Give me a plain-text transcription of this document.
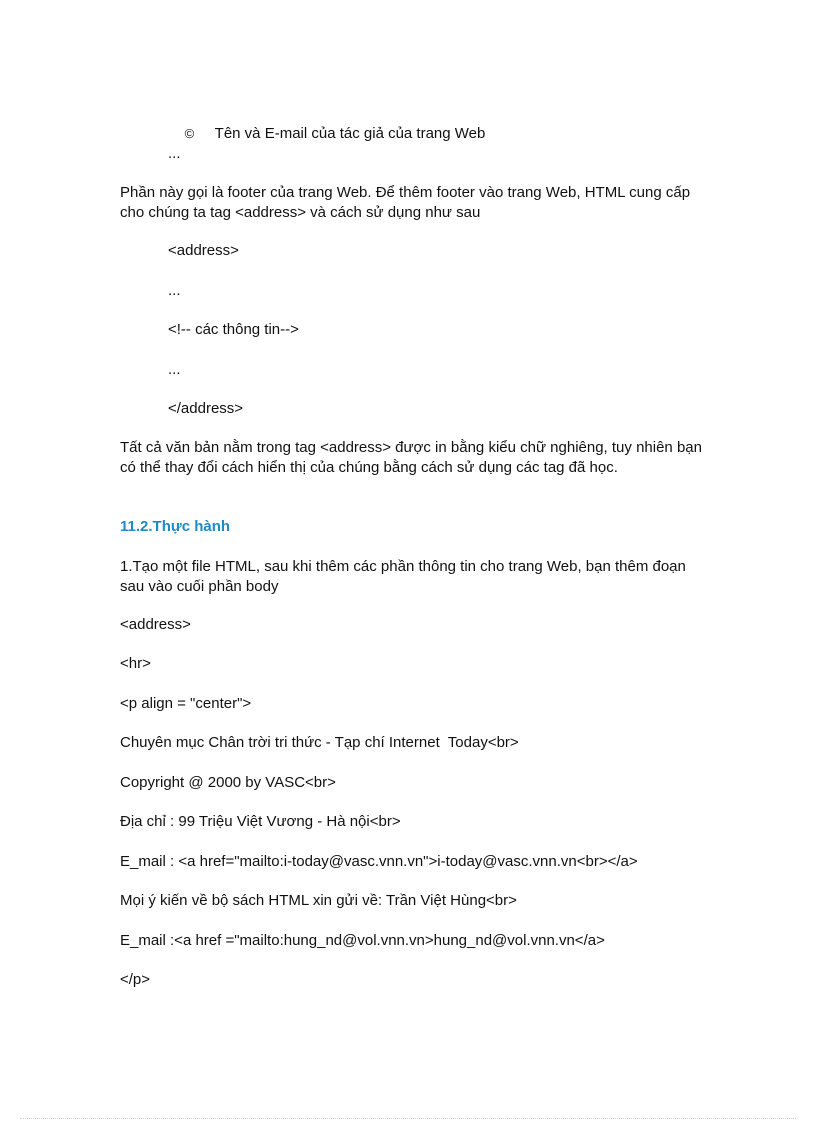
© Tên và E-mail của tác giả của trang Web

...
Phần này gọi là footer của trang Web. Để thêm footer vào trang Web, HTML cung cấp cho chúng ta tag <address> và cách sử dụng như sau
<address>
...
<!-- các thông tin-->
...
</address>
Tất cả văn bản nằm trong tag <address> được in bằng kiểu chữ nghiêng, tuy nhiên bạn có thể thay đổi cách hiển thị của chúng bằng cách sử dụng các tag đã học.
11.2.Thực hành
1.Tạo một file HTML, sau khi thêm các phần thông tin cho trang Web, bạn thêm đoạn sau vào cuối phần body
<address>
<hr>
<p align = "center">
Chuyên mục Chân trời tri thức - Tạp chí Internet  Today<br>
Copyright @ 2000 by VASC<br>
Địa chỉ : 99 Triệu Việt Vương - Hà nội<br>
E_mail : <a href="mailto:i-today@vasc.vnn.vn">i-today@vasc.vnn.vn<br></a>
Mọi ý kiến về bộ sách HTML xin gửi về: Trần Việt Hùng<br>
E_mail :<a href ="mailto:hung_nd@vol.vnn.vn>hung_nd@vol.vnn.vn</a>
</p>
